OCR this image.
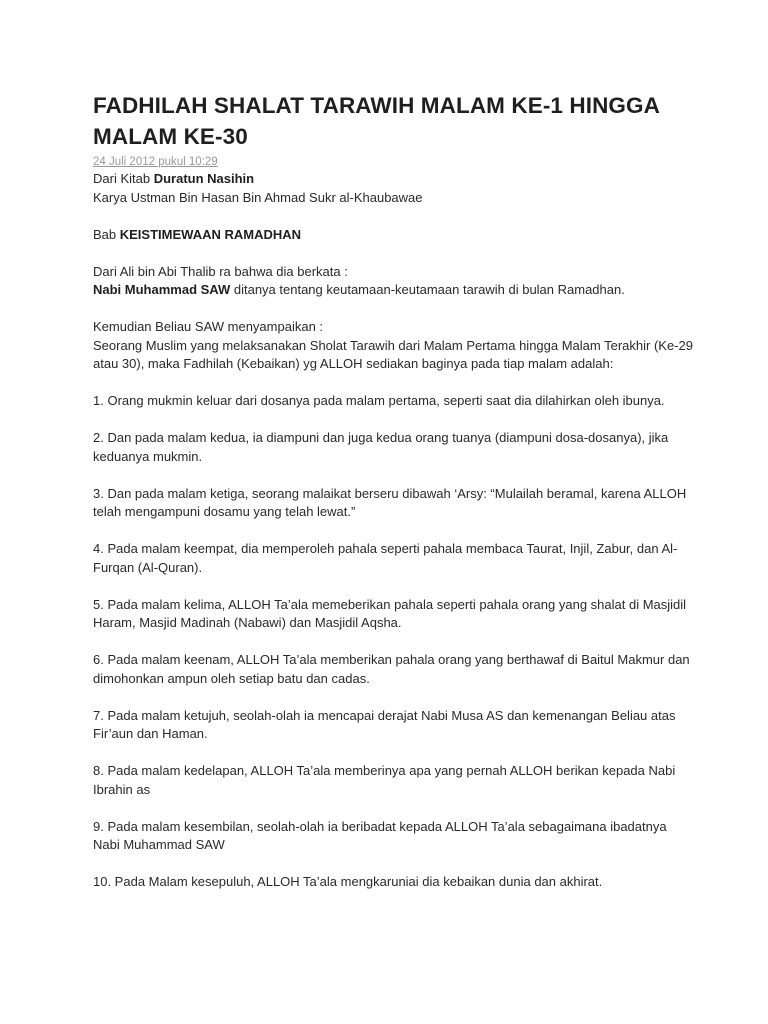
FADHILAH SHALAT TARAWIH MALAM KE-1 HINGGA MALAM KE-30
24 Juli 2012 pukul 10:29

Dari Kitab Duratun Nasihin

Karya Ustman Bin Hasan Bin Ahmad Sukr al-Khaubawae

Bab KEISTIMEWAAN RAMADHAN

Dari Ali bin Abi Thalib ra bahwa dia berkata :

Nabi Muhammad SAW ditanya tentang keutamaan-keutamaan tarawih di bulan Ramadhan.

Kemudian Beliau SAW menyampaikan :

Seorang Muslim yang melaksanakan Sholat Tarawih dari Malam Pertama hingga Malam Terakhir (Ke-29 atau 30), maka Fadhilah (Kebaikan) yg ALLOH sediakan baginya pada tiap malam adalah:

1. Orang mukmin keluar dari dosanya pada malam pertama, seperti saat dia dilahirkan oleh ibunya.

2. Dan pada malam kedua, ia diampuni dan juga kedua orang tuanya (diampuni dosa-dosanya), jika keduanya mukmin.

3. Dan pada malam ketiga, seorang malaikat berseru dibawah ‘Arsy: “Mulailah beramal, karena ALLOH telah mengampuni dosamu yang telah lewat.”

4. Pada malam keempat, dia memperoleh pahala seperti pahala membaca Taurat, Injil, Zabur, dan Al-Furqan (Al-Quran).

5. Pada malam kelima, ALLOH Ta’ala memeberikan pahala seperti pahala orang yang shalat di Masjidil Haram, Masjid Madinah (Nabawi) dan Masjidil Aqsha.

6. Pada malam keenam, ALLOH Ta’ala memberikan pahala orang yang berthawaf di Baitul Makmur dan dimohonkan ampun oleh setiap batu dan cadas.

7. Pada malam ketujuh, seolah-olah ia mencapai derajat Nabi Musa AS dan kemenangan Beliau atas Fir’aun dan Haman.

8. Pada malam kedelapan, ALLOH Ta’ala memberinya apa yang pernah ALLOH berikan kepada Nabi Ibrahin as

9. Pada malam kesembilan, seolah-olah ia beribadat kepada ALLOH Ta’ala sebagaimana ibadatnya Nabi Muhammad SAW

10. Pada Malam kesepuluh, ALLOH Ta’ala mengkaruniai dia kebaikan dunia dan akhirat.
